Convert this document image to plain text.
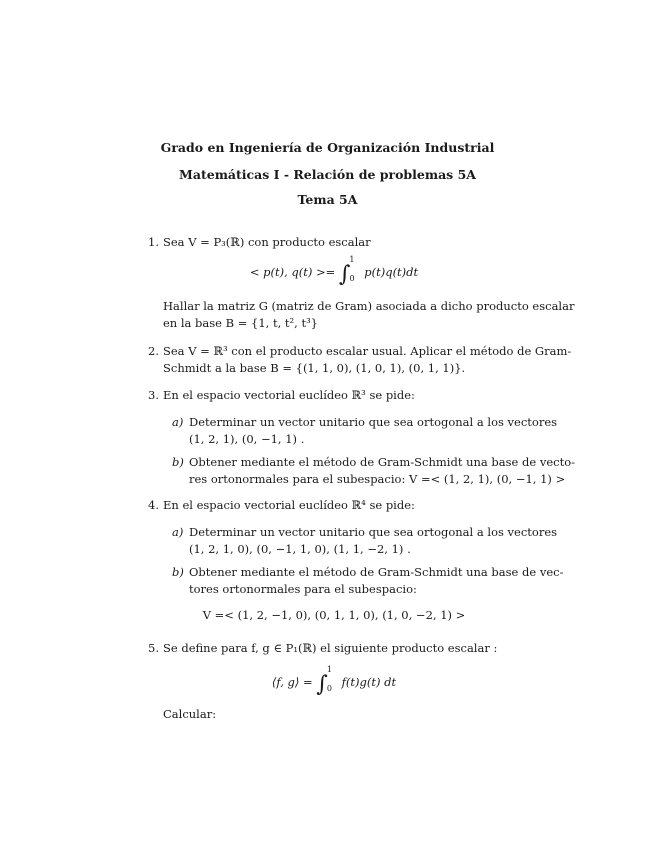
Grado en Ingeniería de Organización Industrial
Matemáticas I - Relación de problemas 5A
Tema 5A
1. Sea V = P₃(ℝ) con producto escalar
< p(t), q(t) >= ∫$^1_0$ p(t)q(t)dt
Hallar la matriz G (matriz de Gram) asociada a dicho producto escalar
en la base B = {1, t, t², t³}
2. Sea V = ℝ³ con el producto escalar usual. Aplicar el método de Gram-
Schmidt a la base B = {(1, 1, 0), (1, 0, 1), (0, 1, 1)}.
3. En el espacio vectorial euclídeo ℝ³ se pide:
a) Determinar un vector unitario que sea ortogonal a los vectores
(1, 2, 1), (0, −1, 1) .
b) Obtener mediante el método de Gram-Schmidt una base de vecto-
res ortonormales para el subespacio: V =< (1, 2, 1), (0, −1, 1) >
4. En el espacio vectorial euclídeo ℝ⁴ se pide:
a) Determinar un vector unitario que sea ortogonal a los vectores
(1, 2, 1, 0), (0, −1, 1, 0), (1, 1, −2, 1) .
b) Obtener mediante el método de Gram-Schmidt una base de vec-
tores ortonormales para el subespacio:
V =< (1, 2, −1, 0), (0, 1, 1, 0), (1, 0, −2, 1) >
5. Se define para f, g ∈ P₁(ℝ) el siguiente producto escalar :
⟨f, g⟩ = ∫$^1_0$ f(t)g(t) dt
Calcular:
